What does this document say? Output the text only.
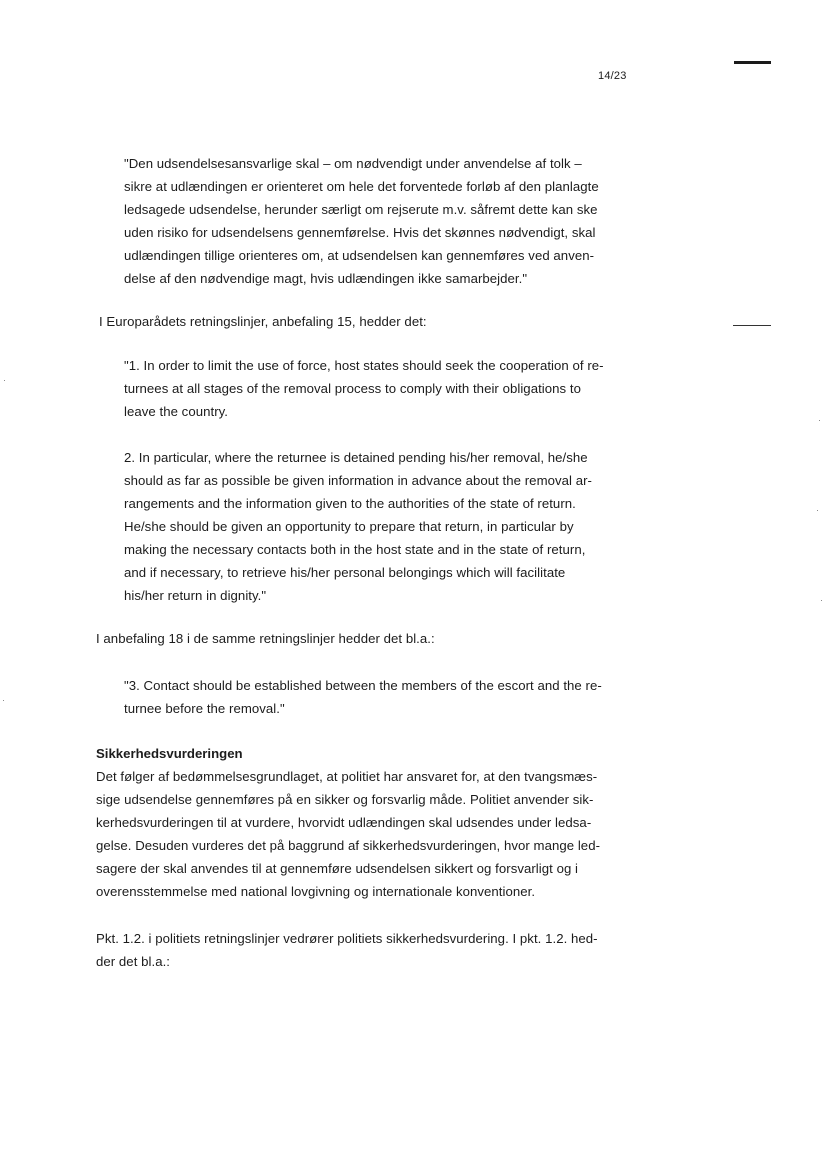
14/23
"Den udsendelsesansvarlige skal – om nødvendigt under anvendelse af tolk –
sikre at udlændingen er orienteret om hele det forventede forløb af den planlagte
ledsagede udsendelse, herunder særligt om rejserute m.v. såfremt dette kan ske
uden risiko for udsendelsens gennemførelse. Hvis det skønnes nødvendigt, skal
udlændingen tillige orienteres om, at udsendelsen kan gennemføres ved anven-
delse af den nødvendige magt, hvis udlændingen ikke samarbejder."
I Europarådets retningslinjer, anbefaling 15, hedder det:
"1. In order to limit the use of force, host states should seek the cooperation of re-
turnees at all stages of the removal process to comply with their obligations to
leave the country.
2. In particular, where the returnee is detained pending his/her removal, he/she
should as far as possible be given information in advance about the removal ar-
rangements and the information given to the authorities of the state of return.
He/she should be given an opportunity to prepare that return, in particular by
making the necessary contacts both in the host state and in the state of return,
and if necessary, to retrieve his/her personal belongings which will facilitate
his/her return in dignity."
I anbefaling 18 i de samme retningslinjer hedder det bl.a.:
"3. Contact should be established between the members of the escort and the re-
turnee before the removal."
Sikkerhedsvurderingen
Det følger af bedømmelsesgrundlaget, at politiet har ansvaret for, at den tvangsmæs-
sige udsendelse gennemføres på en sikker og forsvarlig måde. Politiet anvender sik-
kerhedsvurderingen til at vurdere, hvorvidt udlændingen skal udsendes under ledsa-
gelse. Desuden vurderes det på baggrund af sikkerhedsvurderingen, hvor mange led-
sagere der skal anvendes til at gennemføre udsendelsen sikkert og forsvarligt og i
overensstemmelse med national lovgivning og internationale konventioner.
Pkt. 1.2. i politiets retningslinjer vedrører politiets sikkerhedsvurdering. I pkt. 1.2. hed-
der det bl.a.:
